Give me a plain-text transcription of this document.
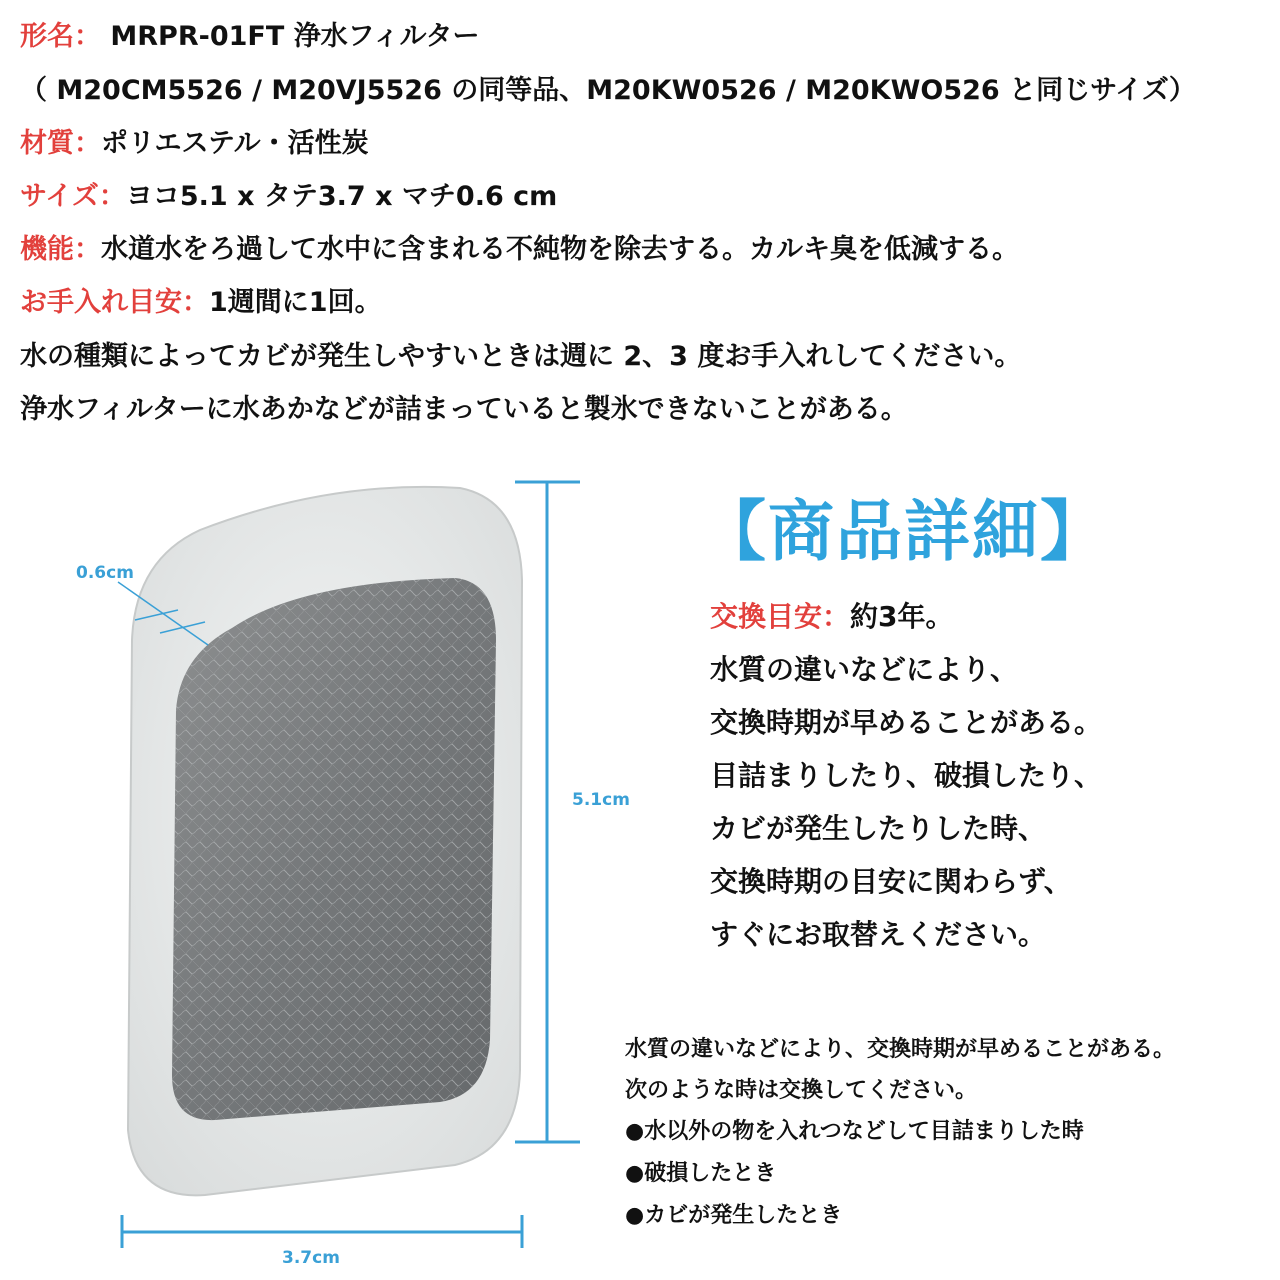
形名： MRPR-01FT 浄水フィルター
（ M20CM5526 / M20VJ5526 の同等品、M20KW0526 / M20KWO526 と同じサイズ）
材質：ポリエステル・活性炭
サイズ：ヨコ5.1 x タテ3.7 x マチ0.6 cm
機能：水道水をろ過して水中に含まれる不純物を除去する。カルキ臭を低減する。
お手入れ目安：1週間に1回。
水の種類によってカビが発生しやすいときは週に 2、3 度お手入れしてください。
浄水フィルターに水あかなどが詰まっていると製氷できないことがある。
0.6cm
5.1cm
3.7cm
【商品詳細】
交換目安：約3年。
水質の違いなどにより、
交換時期が早めることがある。
目詰まりしたり、破損したり、
カビが発生したりした時、
交換時期の目安に関わらず、
すぐにお取替えください。
水質の違いなどにより、交換時期が早めることがある。
次のような時は交換してください。
●水以外の物を入れつなどして目詰まりした時
●破損したとき
●カビが発生したとき
